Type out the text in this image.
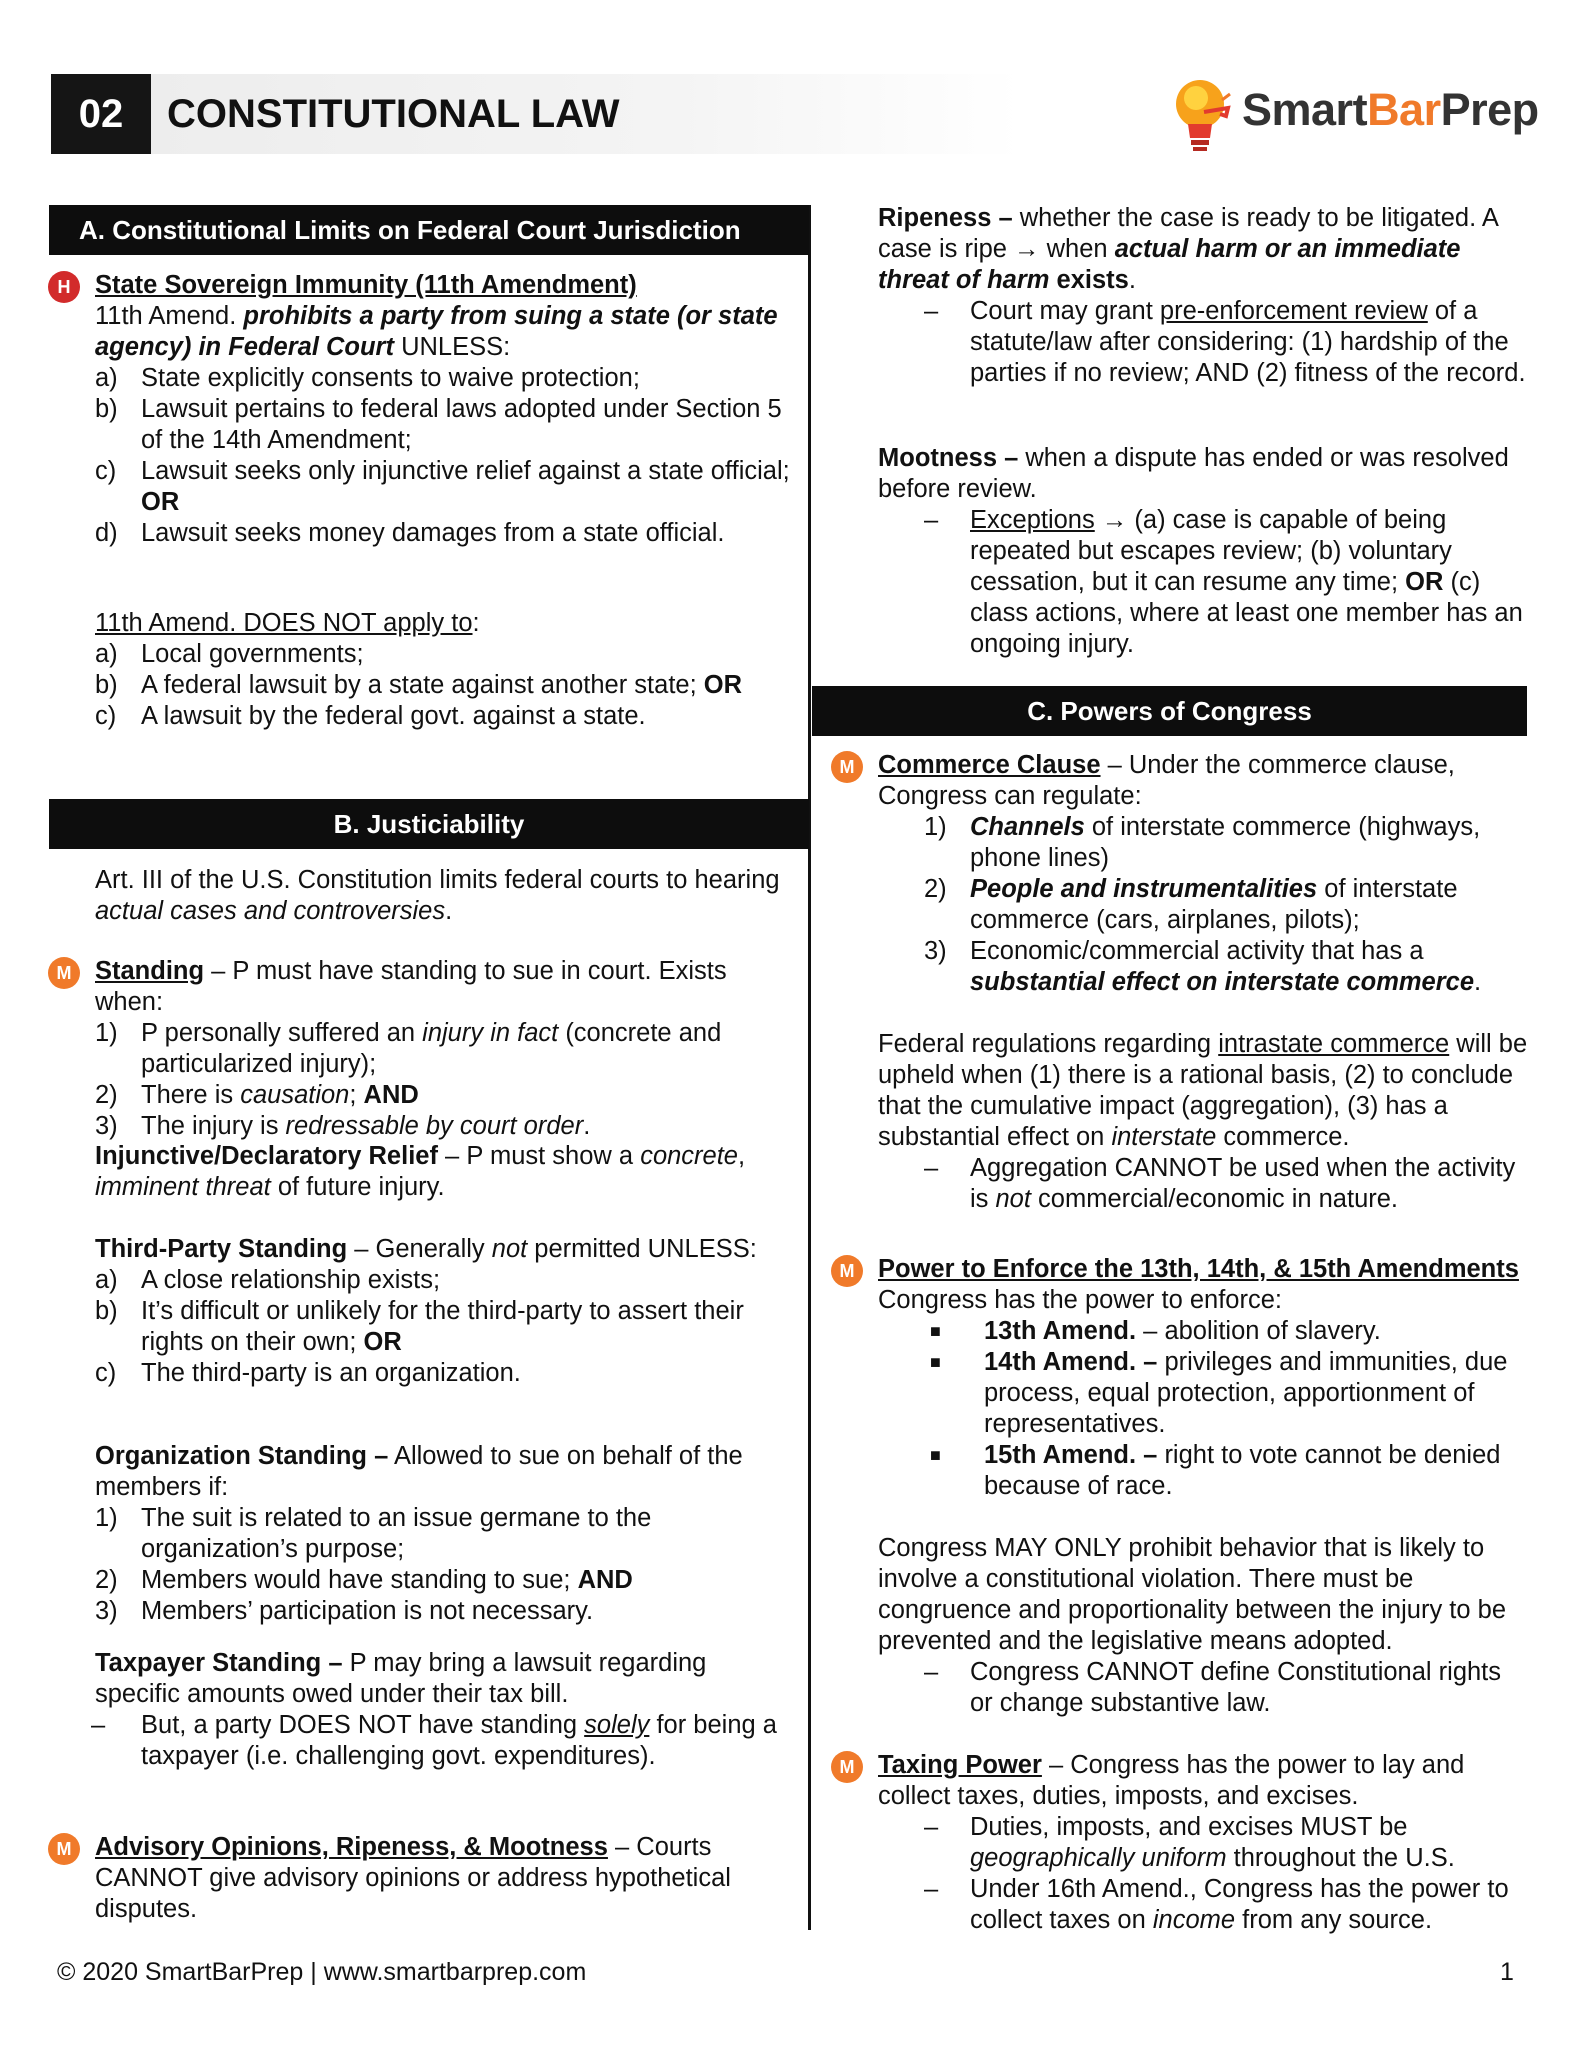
02	CONSTITUTIONAL LAW	SmartBarPrep
A. Constitutional Limits on Federal Court Jurisdiction
H State Sovereign Immunity (11th Amendment)

11th Amend. prohibits a party from suing a state (or state agency) in Federal Court UNLESS:

a) State explicitly consents to waive protection;
b) Lawsuit pertains to federal laws adopted under Section 5 of the 14th Amendment;
c) Lawsuit seeks only injunctive relief against a state official; OR
d) Lawsuit seeks money damages from a state official.

11th Amend. DOES NOT apply to:

a) Local governments;
b) A federal lawsuit by a state against another state; OR
c) A lawsuit by the federal govt. against a state.
B. Justiciability

Art. III of the U.S. Constitution limits federal courts to hearing actual cases and controversies.

M Standing – P must have standing to sue in court. Exists when:

1) P personally suffered an injury in fact (concrete and particularized injury);
2) There is causation; AND
3) The injury is redressable by court order.

Injunctive/Declaratory Relief – P must show a concrete, imminent threat of future injury.

Third-Party Standing – Generally not permitted UNLESS:

a) A close relationship exists;
b) It’s difficult or unlikely for the third-party to assert their rights on their own; OR
c) The third-party is an organization.

Organization Standing – Allowed to sue on behalf of the members if:

1) The suit is related to an issue germane to the organization’s purpose;
2) Members would have standing to sue; AND
3) Members’ participation is not necessary.

Taxpayer Standing – P may bring a lawsuit regarding specific amounts owed under their tax bill.

– But, a party DOES NOT have standing solely for being a taxpayer (i.e. challenging govt. expenditures).
M Advisory Opinions, Ripeness, & Mootness – Courts CANNOT give advisory opinions or address hypothetical disputes.

Ripeness – whether the case is ready to be litigated. A case is ripe → when actual harm or an immediate threat of harm exists.

– Court may grant pre-enforcement review of a statute/law after considering: (1) hardship of the parties if no review; AND (2) fitness of the record.

Mootness – when a dispute has ended or was resolved before review.

– Exceptions → (a) case is capable of being repeated but escapes review; (b) voluntary cessation, but it can resume any time; OR (c) class actions, where at least one member has an ongoing injury.
C. Powers of Congress
M Commerce Clause – Under the commerce clause, Congress can regulate:

1) Channels of interstate commerce (highways, phone lines)
2) People and instrumentalities of interstate commerce (cars, airplanes, pilots);
3) Economic/commercial activity that has a substantial effect on interstate commerce.

Federal regulations regarding intrastate commerce will be upheld when (1) there is a rational basis, (2) to conclude that the cumulative impact (aggregation), (3) has a substantial effect on interstate commerce.

– Aggregation CANNOT be used when the activity is not commercial/economic in nature.
M Power to Enforce the 13th, 14th, & 15th Amendments

Congress has the power to enforce:

■ 13th Amend. – abolition of slavery.
■ 14th Amend. – privileges and immunities, due process, equal protection, apportionment of representatives.
■ 15th Amend. – right to vote cannot be denied because of race.

Congress MAY ONLY prohibit behavior that is likely to involve a constitutional violation. There must be congruence and proportionality between the injury to be prevented and the legislative means adopted.

– Congress CANNOT define Constitutional rights or change substantive law.
M Taxing Power – Congress has the power to lay and collect taxes, duties, imposts, and excises.

– Duties, imposts, and excises MUST be geographically uniform throughout the U.S.
– Under 16th Amend., Congress has the power to collect taxes on income from any source.
© 2020 SmartBarPrep | www.smartbarprep.com	1
